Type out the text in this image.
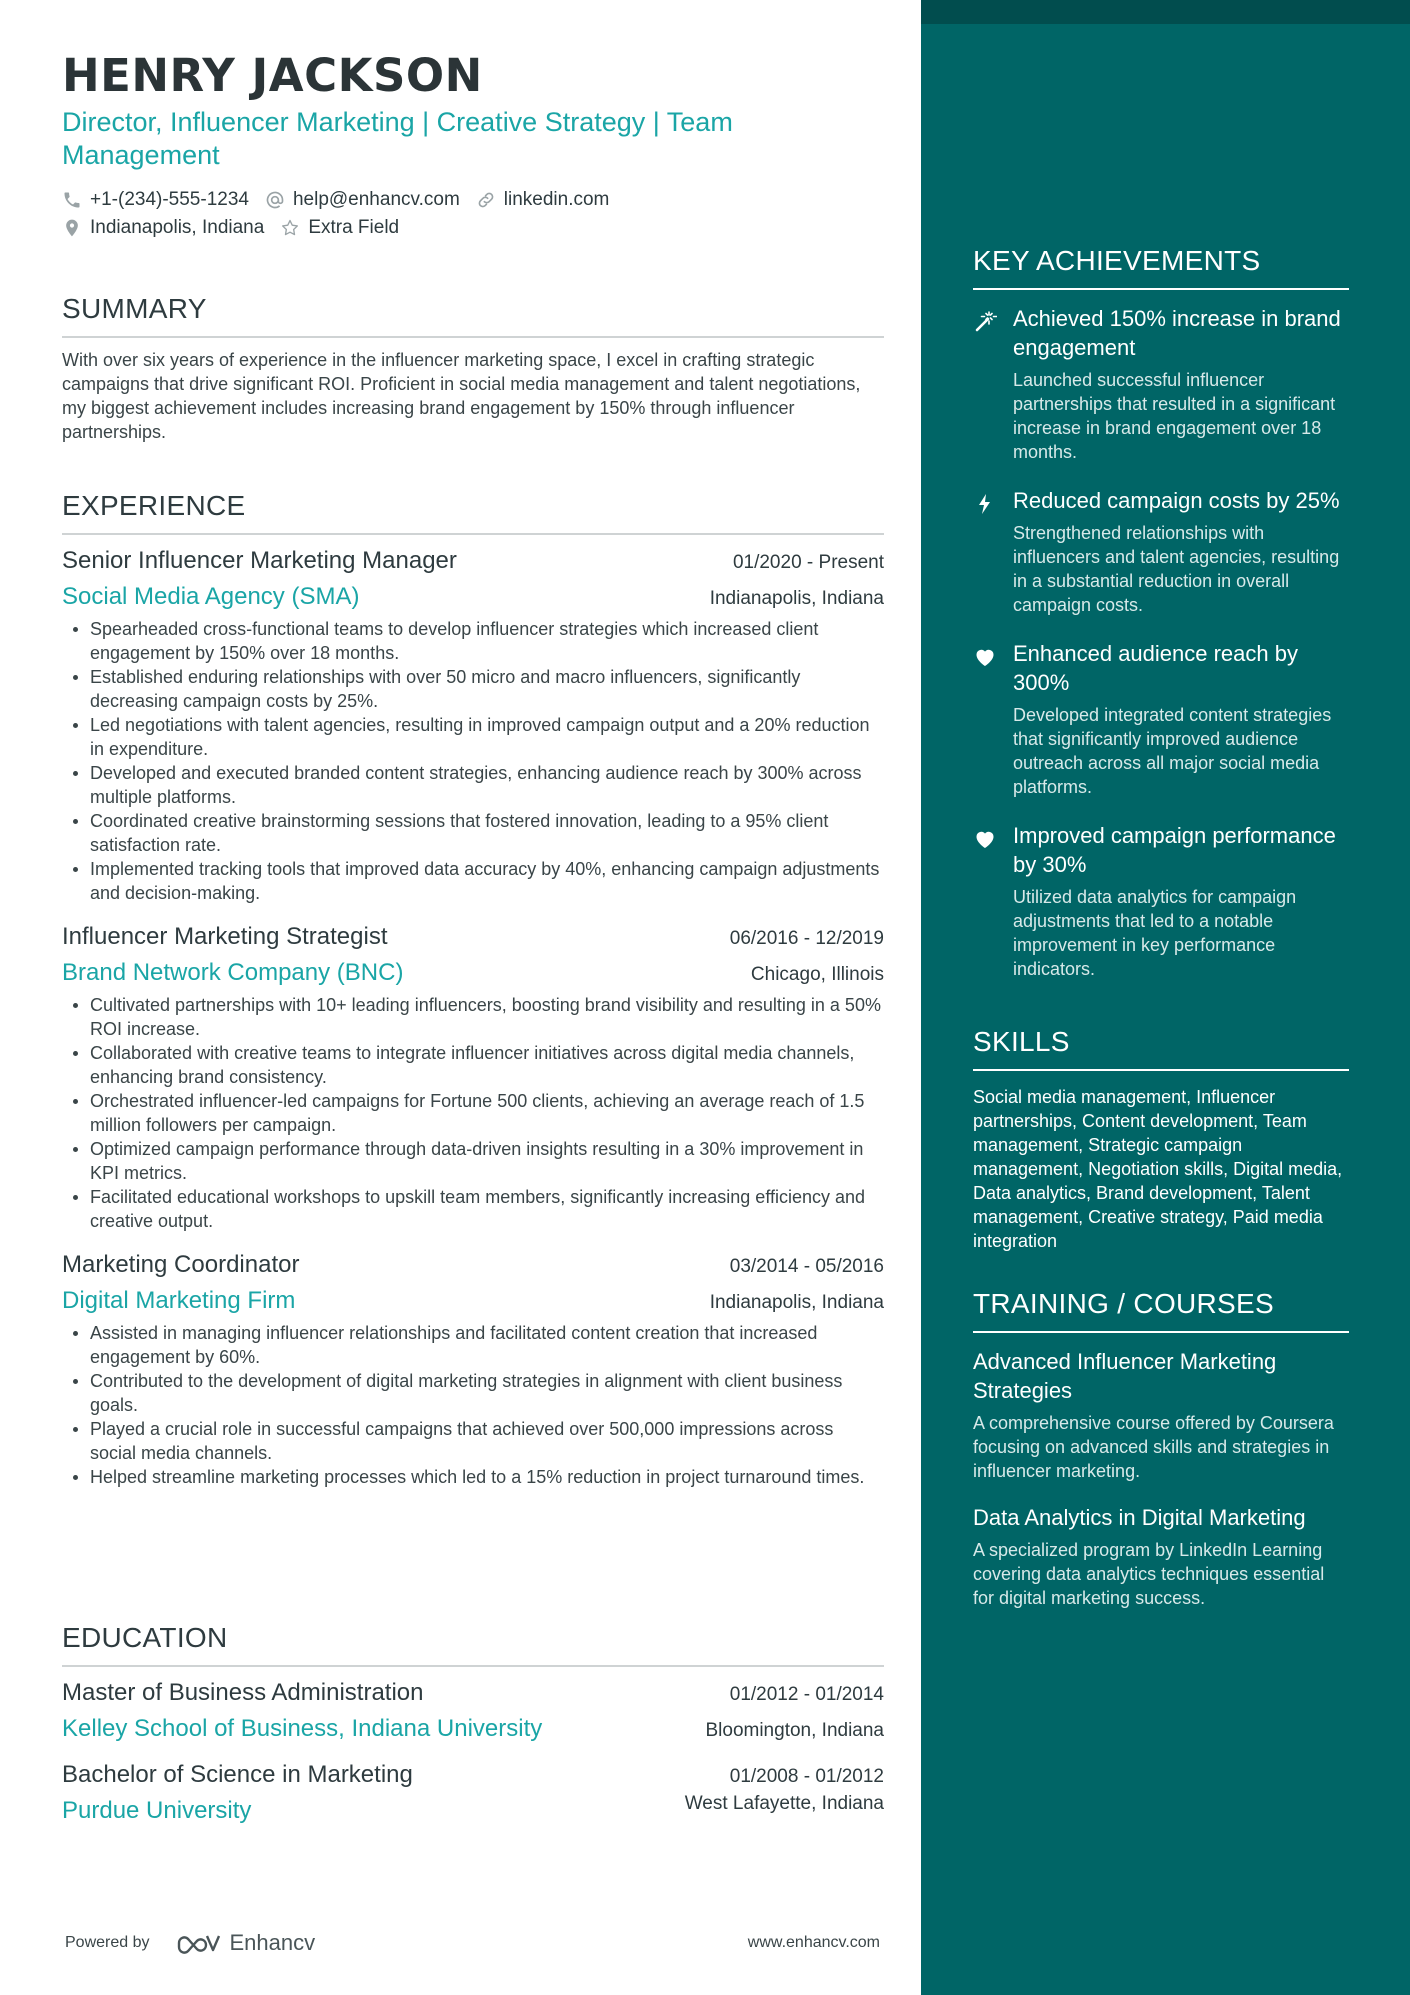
HENRY JACKSON
Director, Influencer Marketing | Creative Strategy | Team Management
+1-(234)-555-1234 help@enhancv.com linkedin.com
Indianapolis, Indiana Extra Field
SUMMARY

With over six years of experience in the influencer marketing space, I excel in crafting strategic campaigns that drive significant ROI. Proficient in social media management and talent negotiations, my biggest achievement includes increasing brand engagement by 150% through influencer partnerships.

EXPERIENCE
Senior Influencer Marketing Manager	01/2020 - Present
Social Media Agency (SMA)	Indianapolis, Indiana
Spearheaded cross-functional teams to develop influencer strategies which increased client engagement by 150% over 18 months.
Established enduring relationships with over 50 micro and macro influencers, significantly decreasing campaign costs by 25%.
Led negotiations with talent agencies, resulting in improved campaign output and a 20% reduction in expenditure.
Developed and executed branded content strategies, enhancing audience reach by 300% across multiple platforms.
Coordinated creative brainstorming sessions that fostered innovation, leading to a 95% client satisfaction rate.
Implemented tracking tools that improved data accuracy by 40%, enhancing campaign adjustments and decision-making.
Influencer Marketing Strategist	06/2016 - 12/2019
Brand Network Company (BNC)	Chicago, Illinois
Cultivated partnerships with 10+ leading influencers, boosting brand visibility and resulting in a 50% ROI increase.
Collaborated with creative teams to integrate influencer initiatives across digital media channels, enhancing brand consistency.
Orchestrated influencer-led campaigns for Fortune 500 clients, achieving an average reach of 1.5 million followers per campaign.
Optimized campaign performance through data-driven insights resulting in a 30% improvement in KPI metrics.
Facilitated educational workshops to upskill team members, significantly increasing efficiency and creative output.
Marketing Coordinator	03/2014 - 05/2016
Digital Marketing Firm	Indianapolis, Indiana
Assisted in managing influencer relationships and facilitated content creation that increased engagement by 60%.
Contributed to the development of digital marketing strategies in alignment with client business goals.
Played a crucial role in successful campaigns that achieved over 500,000 impressions across social media channels.
Helped streamline marketing processes which led to a 15% reduction in project turnaround times.
EDUCATION
Master of Business Administration	01/2012 - 01/2014
Kelley School of Business, Indiana University	Bloomington, Indiana
Bachelor of Science in Marketing	01/2008 - 01/2012
Purdue University	West Lafayette, Indiana
Powered by	Enhancv	www.enhancv.com
KEY ACHIEVEMENTS
Achieved 150% increase in brand engagement
Launched successful influencer partnerships that resulted in a significant increase in brand engagement over 18 months.
Reduced campaign costs by 25%
Strengthened relationships with influencers and talent agencies, resulting in a substantial reduction in overall campaign costs.
Enhanced audience reach by 300%
Developed integrated content strategies that significantly improved audience outreach across all major social media platforms.
Improved campaign performance by 30%
Utilized data analytics for campaign adjustments that led to a notable improvement in key performance indicators.
SKILLS

Social media management, Influencer partnerships, Content development, Team management, Strategic campaign management, Negotiation skills, Digital media, Data analytics, Brand development, Talent management, Creative strategy, Paid media integration

TRAINING / COURSES
Advanced Influencer Marketing Strategies
A comprehensive course offered by Coursera focusing on advanced skills and strategies in influencer marketing.
Data Analytics in Digital Marketing
A specialized program by LinkedIn Learning covering data analytics techniques essential for digital marketing success.
